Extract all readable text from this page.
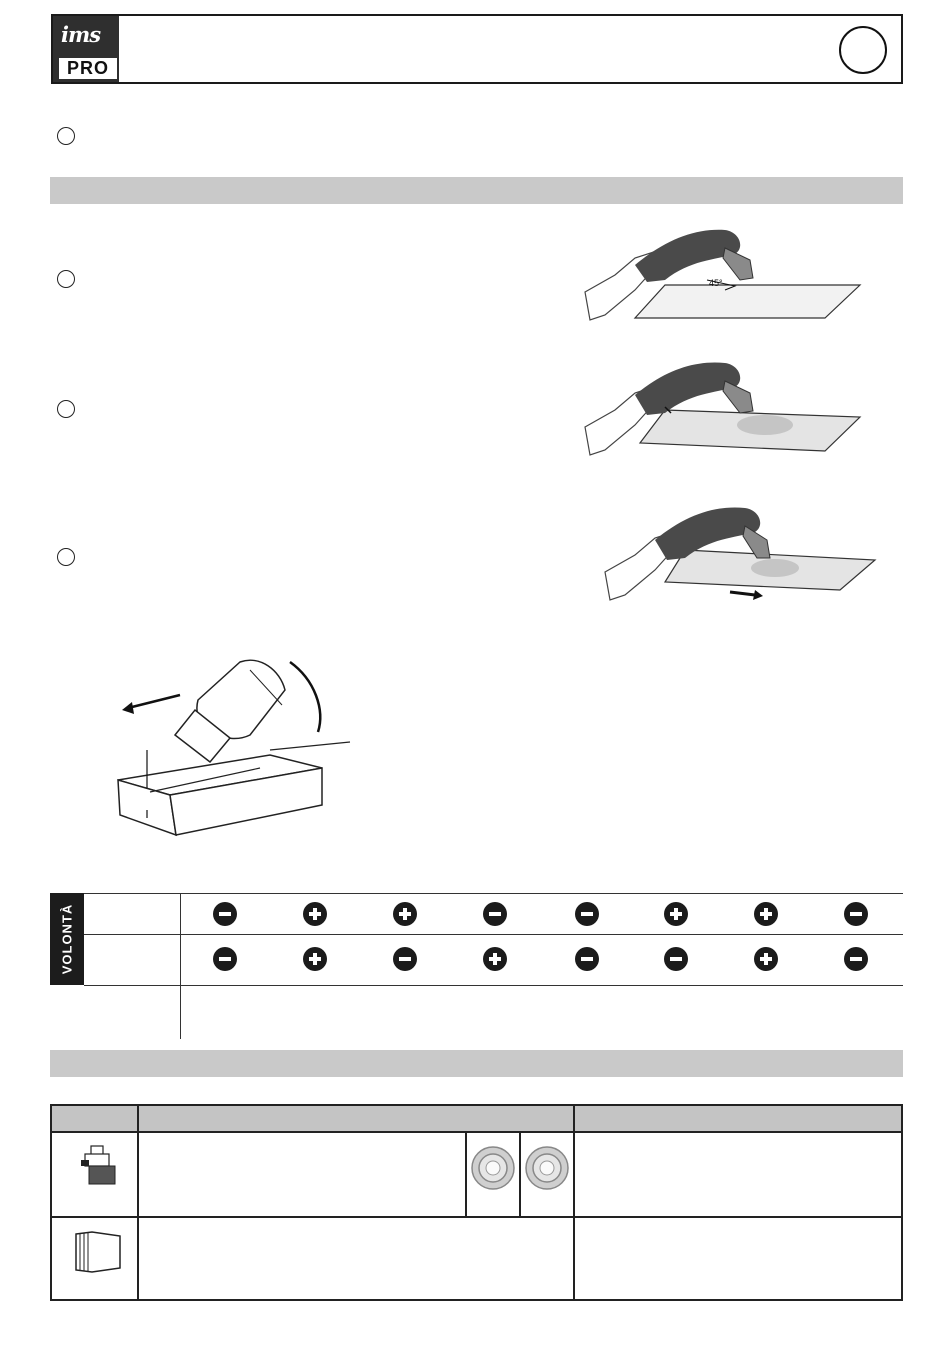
ims
PRO
45°
VOLONTÀ
